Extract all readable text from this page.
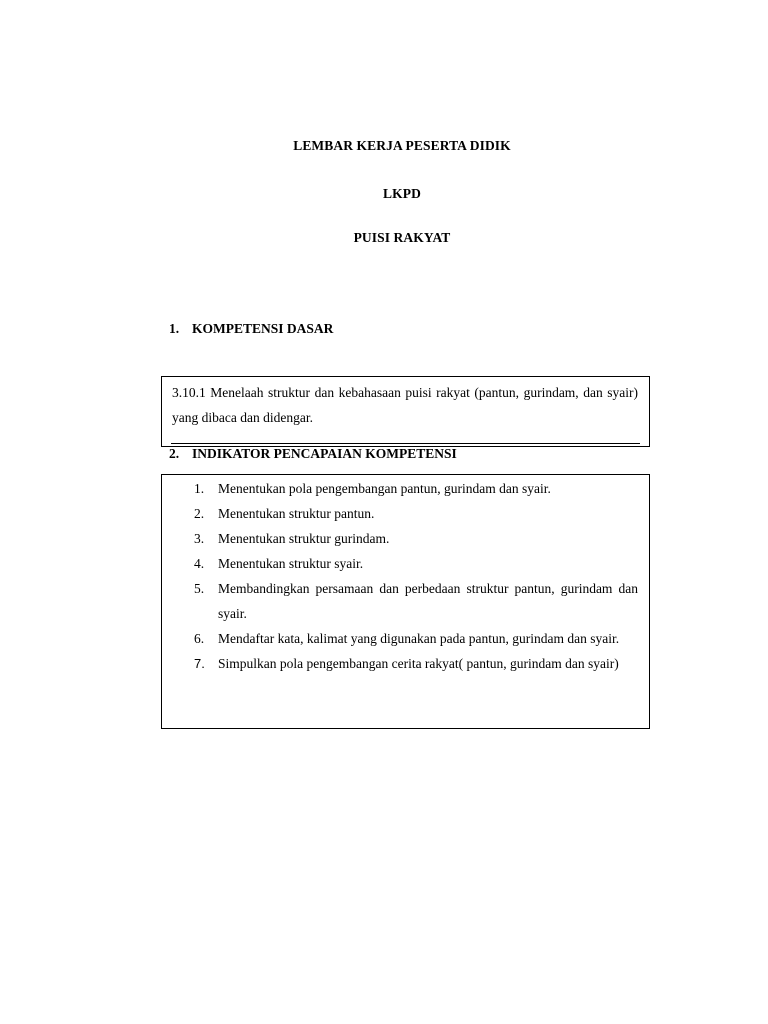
LEMBAR KERJA PESERTA DIDIK
LKPD
PUISI RAKYAT
1. KOMPETENSI DASAR
3.10.1 Menelaah struktur dan kebahasaan puisi rakyat (pantun, gurindam, dan syair) yang dibaca dan didengar.
2. INDIKATOR PENCAPAIAN KOMPETENSI
1. Menentukan pola pengembangan pantun, gurindam dan syair.
2. Menentukan struktur pantun.
3. Menentukan struktur gurindam.
4. Menentukan struktur syair.
5. Membandingkan persamaan dan perbedaan struktur pantun, gurindam dan syair.
6. Mendaftar kata, kalimat yang digunakan pada pantun, gurindam dan syair.
7. Simpulkan pola pengembangan cerita rakyat( pantun, gurindam dan syair)
